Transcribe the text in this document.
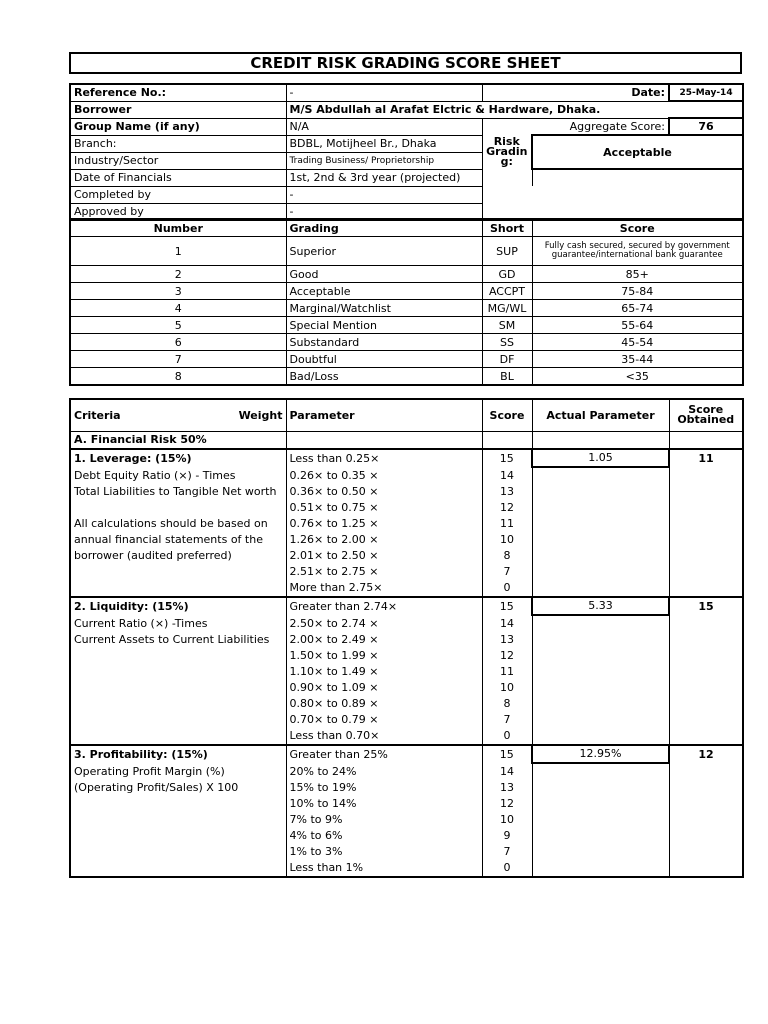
CREDIT RISK GRADING SCORE SHEET
Reference No.:	-	Date:		25-May-14
Borrower	M/S Abdullah al Arafat Elctric & Hardware, Dhaka.			
Group Name (if any)	N/A	Aggregate Score:		76
Branch:	BDBL, Motijheel Br., Dhaka	Risk Gradin g:	Acceptable	
Industry/Sector	Trading Business/ Proprietorship			
Date of Financials	1st, 2nd & 3rd year (projected)			
Completed by	-			
Approved by	-			
Number	Grading	Short	Score
1	Superior	SUP	Fully cash secured, secured by government guarantee/international bank guarantee
2	Good	GD	85+
3	Acceptable	ACCPT	75-84
4	Marginal/Watchlist	MG/WL	65-74
5	Special Mention	SM	55-64
6	Substandard	SS	45-54
7	Doubtful	DF	35-44
8	Bad/Loss	BL	<35
Criteria Weight	Parameter	Score	Actual Parameter	Score Obtained
A. Financial Risk 50%				
1. Leverage: (15%)	Less than 0.25×	15	1.05	11
Debt Equity Ratio (×) - Times	0.26× to 0.35 ×	14		
Total Liabilities to Tangible Net worth	0.36× to 0.50 ×	13		
	0.51× to 0.75 ×	12		
All calculations should be based on	0.76× to 1.25 ×	11		
annual financial statements of the	1.26× to 2.00 ×	10		
borrower (audited preferred)	2.01× to 2.50 ×	8		
	2.51× to 2.75 ×	7		
	More than 2.75×	0		
2. Liquidity: (15%)	Greater than 2.74×	15	5.33	15
Current Ratio (×) -Times	2.50× to 2.74 ×	14		
Current Assets to Current Liabilities	2.00× to 2.49 ×	13		
	1.50× to 1.99 ×	12		
	1.10× to 1.49 ×	11		
	0.90× to 1.09 ×	10		
	0.80× to 0.89 ×	8		
	0.70× to 0.79 ×	7		
	Less than 0.70×	0		
3. Profitability: (15%)	Greater than 25%	15	12.95%	12
Operating Profit Margin (%)	20% to 24%	14		
(Operating Profit/Sales) X 100	15% to 19%	13		
	10% to 14%	12		
	7% to 9%	10		
	4% to 6%	9		
	1% to 3%	7		
	Less than 1%	0		
